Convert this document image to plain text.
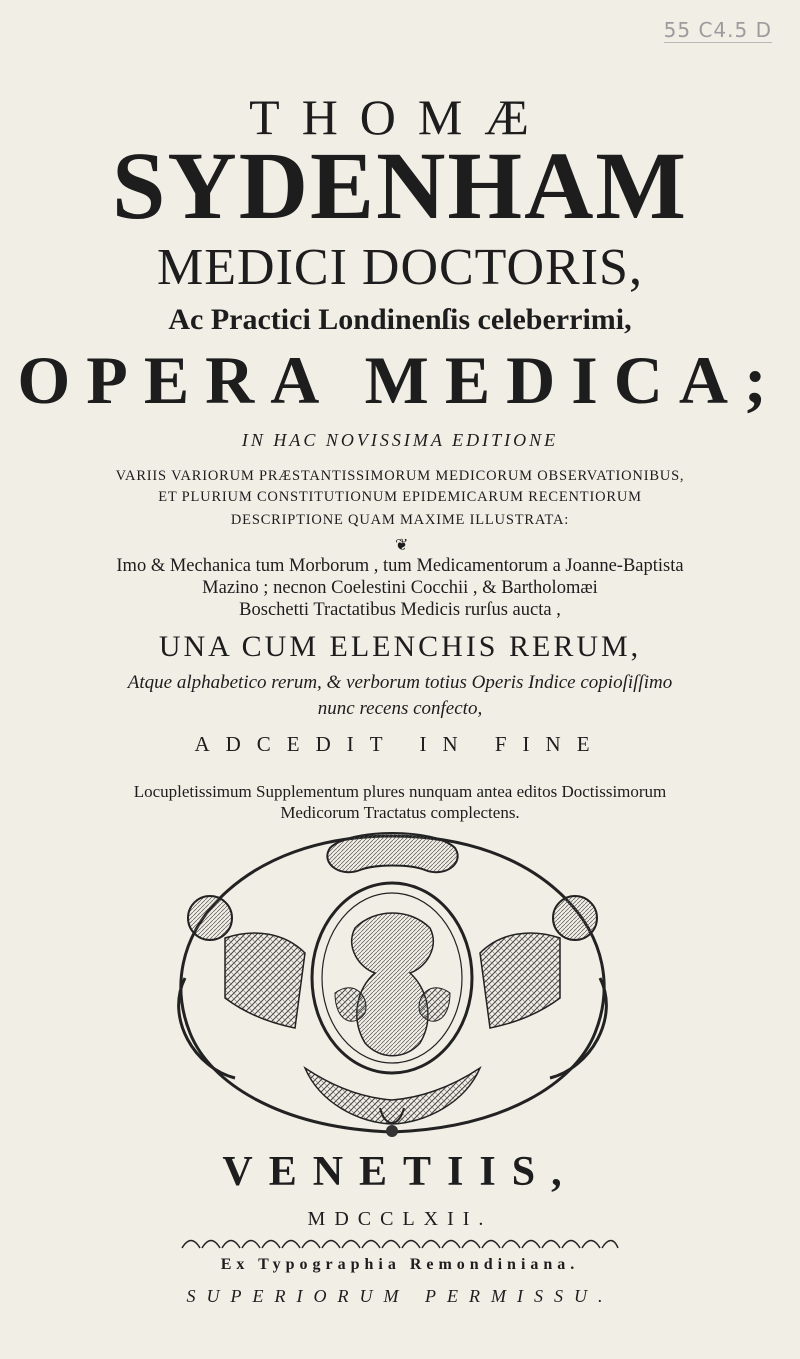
55 C4.5 D
THOMÆ
SYDENHAM
MEDICI DOCTORIS,
Ac Practici Londinenſis celeberrimi,
OPERA MEDICA;
IN HAC NOVISSIMA EDITIONE
VARIIS VARIORUM PRÆSTANTISSIMORUM MEDICORUM OBSERVATIONIBUS,
ET PLURIUM CONSTITUTIONUM EPIDEMICARUM RECENTIORUM
DESCRIPTIONE QUAM MAXIME ILLUSTRATA:
❦
Imo & Mechanica tum Morborum , tum Medicamentorum a Joanne-Baptista
Mazino ; necnon Coelestini Cocchii , & Bartholomæi
Boschetti Tractatibus Medicis rurſus aucta ,
UNA CUM ELENCHIS RERUM,
Atque alphabetico rerum, & verborum totius Operis Indice copioſiſſimo
nunc recens confecto,
ADCEDIT IN FINE
Locupletissimum Supplementum plures nunquam antea editos Doctissimorum
Medicorum Tractatus complectens.
VENETIIS,
MDCCLXII.
Ex Typographia Remondiniana.
SUPERIORUM PERMISSU.
